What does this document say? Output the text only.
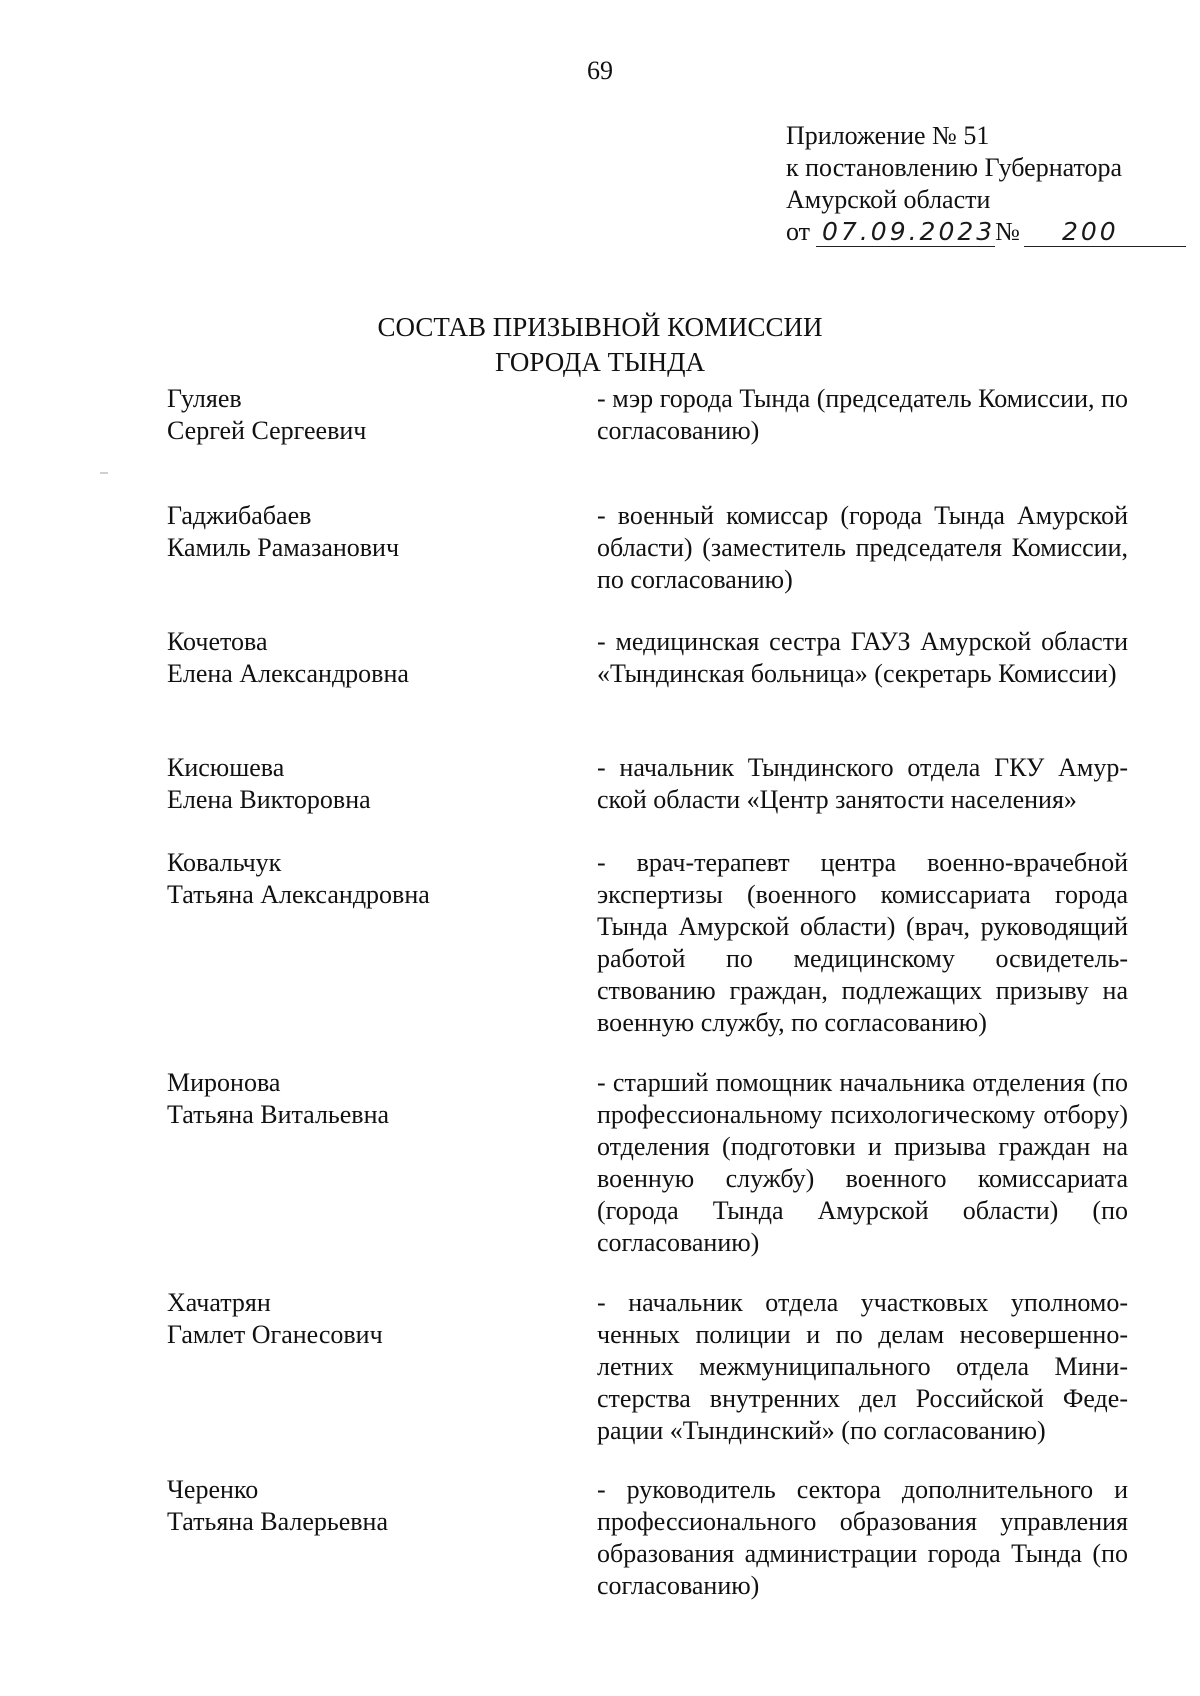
69
Приложение № 51
к постановлению Губернатора
Амурской области
от 07.09.2023 №	200
СОСТАВ ПРИЗЫВНОЙ КОМИССИИ
ГОРОДА ТЫНДА
Гуляев
Сергей Сергеевич
- мэр города Тында (председатель Комиссии, по согласованию)
Гаджибабаев
Камиль Рамазанович
- военный комиссар (города Тында Амурской области) (заместитель председателя Комиссии, по согласованию)
Кочетова
Елена Александровна
- медицинская сестра ГАУЗ Амурской области «Тындинская больница» (секретарь Комиссии)
Кисюшева
Елена Викторовна
- начальник Тындинского отдела ГКУ Амурской области «Центр занятости населения»
Ковальчук
Татьяна Александровна
- врач-терапевт центра военно-врачебной экспертизы (военного комиссариата города Тында Амурской области) (врач, руководящий работой по медицинскому освидетельствованию граждан, подлежащих призыву на военную службу, по согласованию)
Миронова
Татьяна Витальевна
- старший помощник начальника отделения (по профессиональному психологическому отбору) отделения (подготовки и призыва граждан на военную службу) военного комиссариата (города Тында Амурской области) (по согласованию)
Хачатрян
Гамлет Оганесович
- начальник отдела участковых уполномоченных полиции и по делам несовершеннолетних межмуниципального отдела Министерства внутренних дел Российской Федерации «Тындинский» (по согласованию)
Черенко
Татьяна Валерьевна
- руководитель сектора дополнительного и профессионального образования управления образования администрации города Тында (по согласованию)
